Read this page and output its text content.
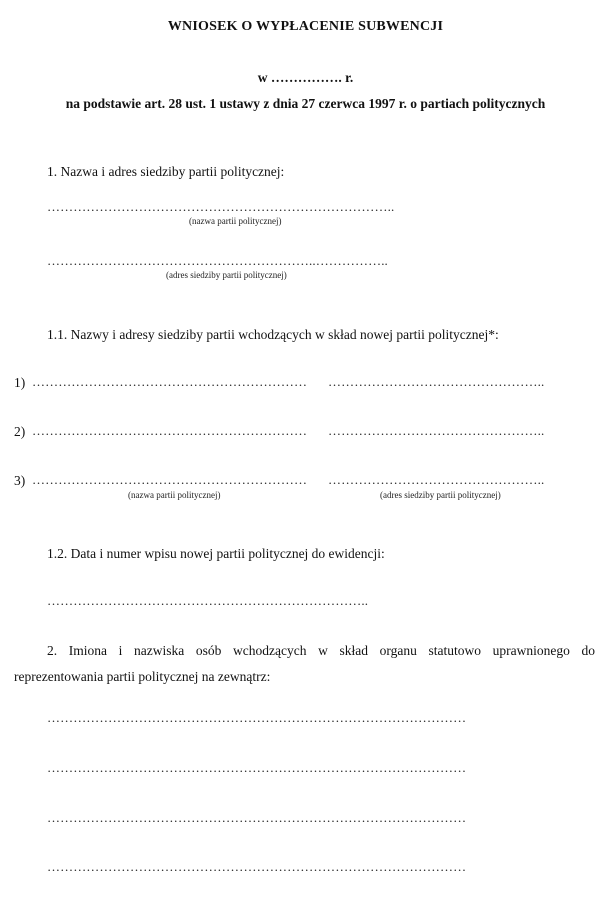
WNIOSEK O WYPŁACENIE SUBWENCJI
w ……………. r.
na podstawie art. 28 ust. 1 ustawy z dnia 27 czerwca 1997 r. o partiach politycznych
1. Nazwa i adres siedziby partii politycznej:
……………………………………………………………………..
(nazwa partii politycznej)
……………………………………………………..……………..
(adres siedziby partii politycznej)
1.1. Nazwy i adresy siedziby partii wchodzących w skład nowej partii politycznej*:
1) ………………………………………………………	…………………………………………..
2) ………………………………………………………	…………………………………………..
3) ………………………………………………………	…………………………………………..
(nazwa partii politycznej)	(adres siedziby partii politycznej)
1.2. Data i numer wpisu nowej partii politycznej do ewidencji:
………………………………………………………………..
2. Imiona i nazwiska osób wchodzących w skład organu statutowo uprawnionego do
reprezentowania partii politycznej na zewnątrz:
……………………………………………………………………………………
……………………………………………………………………………………
……………………………………………………………………………………
……………………………………………………………………………………
